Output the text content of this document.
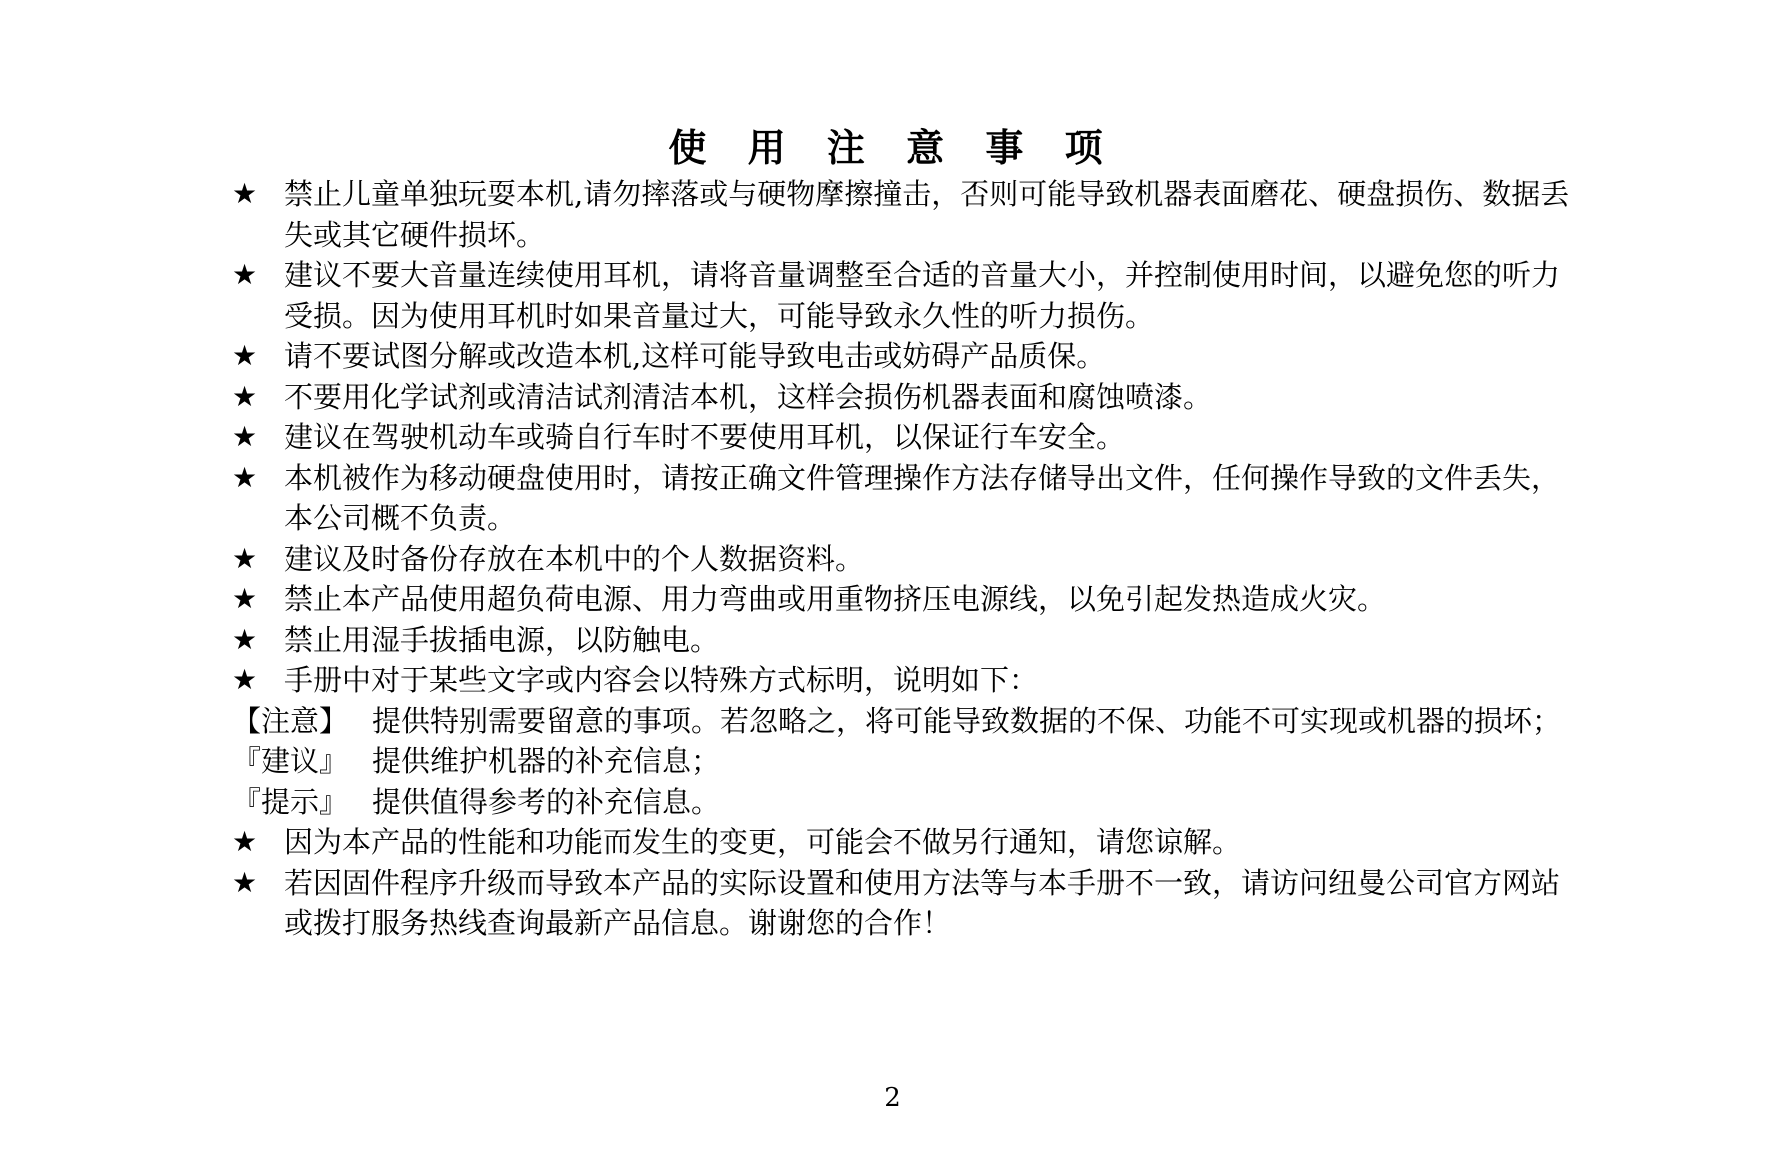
使 用 注 意 事 项
★ 禁止儿童单独玩耍本机,请勿摔落或与硬物摩擦撞击，否则可能导致机器表面磨花、硬盘损伤、数据丢失或其它硬件损坏。
★ 建议不要大音量连续使用耳机，请将音量调整至合适的音量大小，并控制使用时间，以避免您的听力受损。因为使用耳机时如果音量过大，可能导致永久性的听力损伤。
★ 请不要试图分解或改造本机,这样可能导致电击或妨碍产品质保。
★ 不要用化学试剂或清洁试剂清洁本机，这样会损伤机器表面和腐蚀喷漆。
★ 建议在驾驶机动车或骑自行车时不要使用耳机，以保证行车安全。
★ 本机被作为移动硬盘使用时，请按正确文件管理操作方法存储导出文件，任何操作导致的文件丢失，本公司概不负责。
★ 建议及时备份存放在本机中的个人数据资料。
★ 禁止本产品使用超负荷电源、用力弯曲或用重物挤压电源线，以免引起发热造成火灾。
★ 禁止用湿手拔插电源，以防触电。
★ 手册中对于某些文字或内容会以特殊方式标明，说明如下：
【注意】 提供特别需要留意的事项。若忽略之，将可能导致数据的不保、功能不可实现或机器的损坏；
『建议』 提供维护机器的补充信息；
『提示』 提供值得参考的补充信息。
★ 因为本产品的性能和功能而发生的变更，可能会不做另行通知，请您谅解。
★ 若因固件程序升级而导致本产品的实际设置和使用方法等与本手册不一致，请访问纽曼公司官方网站或拨打服务热线查询最新产品信息。谢谢您的合作！
2
